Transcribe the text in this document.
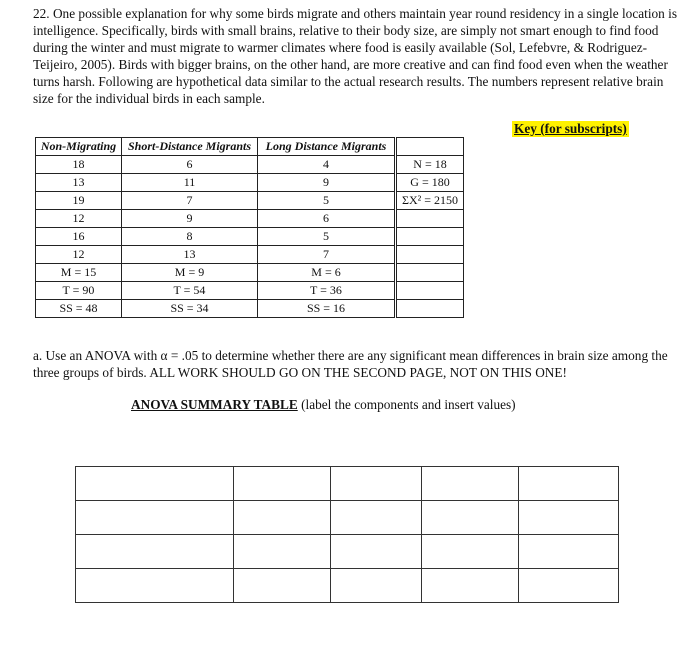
22. One possible explanation for why some birds migrate and others maintain year round residency in a single location is intelligence. Specifically, birds with small brains, relative to their body size, are simply not smart enough to find food during the winter and must migrate to warmer climates where food is easily available (Sol, Lefebvre, & Rodriguez-Teijeiro, 2005). Birds with bigger brains, on the other hand, are more creative and can find food even when the weather turns harsh. Following are hypothetical data similar to the actual research results. The numbers represent relative brain size for the individual birds in each sample.

Key (for subscripts)
Non-Migrating	Short-Distance Migrants	Long Distance Migrants		
18	6	4		N = 18
13	11	9		G = 180
19	7	5		ΣX² = 2150
12	9	6		
16	8	5		
12	13	7		
M = 15	M = 9	M = 6		
T = 90	T = 54	T = 36		
SS = 48	SS = 34	SS = 16		

a. Use an ANOVA with α = .05 to determine whether there are any significant mean differences in brain size among the three groups of birds. ALL WORK SHOULD GO ON THE SECOND PAGE, NOT ON THIS ONE!

ANOVA SUMMARY TABLE (label the components and insert values)
